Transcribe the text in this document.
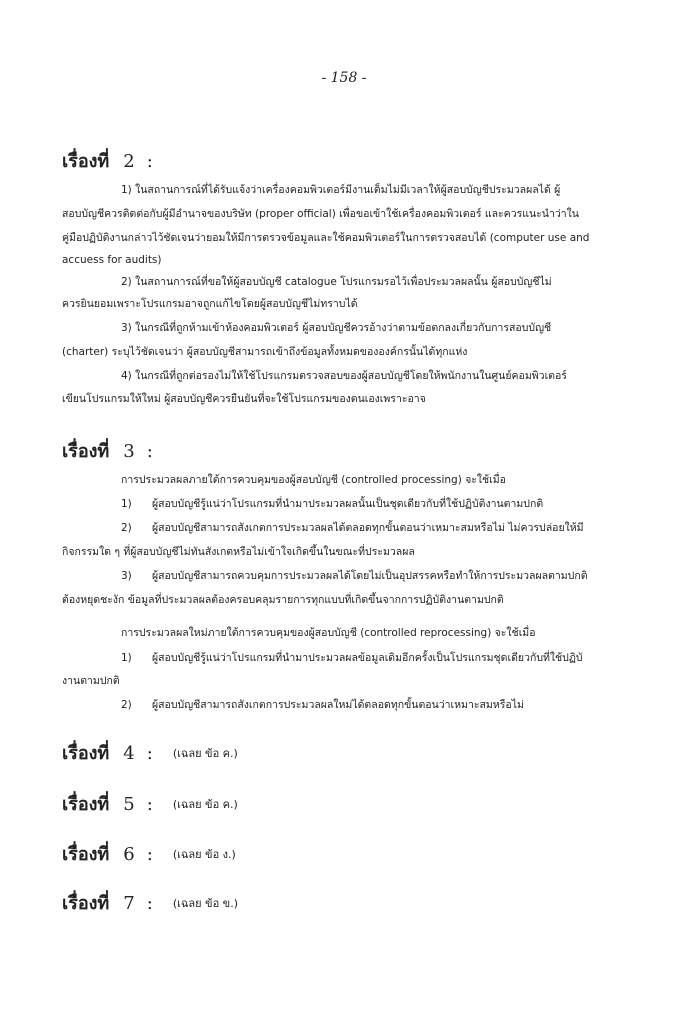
- 158 -
เรื่องที่ 2 :
1) ในสถานการณ์ที่ได้รับแจ้งว่าเครื่องคอมพิวเตอร์มีงานเต็มไม่มีเวลาให้ผู้สอบบัญชีประมวลผลได้ ผู้
สอบบัญชีควรติดต่อกับผู้มีอำนาจของบริษัท (proper official) เพื่อขอเข้าใช้เครื่องคอมพิวเตอร์ และควรแนะนำว่าใน
คู่มือปฏิบัติงานกล่าวไว้ชัดเจนว่ายอมให้มีการตรวจข้อมูลและใช้คอมพิวเตอร์ในการตรวจสอบได้ (computer use and
accuess for audits)
2) ในสถานการณ์ที่ขอให้ผู้สอบบัญชี catalogue โปรแกรมรอไว้เพื่อประมวลผลนั้น ผู้สอบบัญชีไม่
ควรยินยอมเพราะโปรแกรมอาจถูกแก้ไขโดยผู้สอบบัญชีไม่ทราบได้
3) ในกรณีที่ถูกห้ามเข้าห้องคอมพิวเตอร์ ผู้สอบบัญชีควรอ้างว่าตามข้อตกลงเกี่ยวกับการสอบบัญชี
(charter) ระบุไว้ชัดเจนว่า ผู้สอบบัญชีสามารถเข้าถึงข้อมูลทั้งหมดขององค์กรนั้นได้ทุกแห่ง
4) ในกรณีที่ถูกต่อรองไม่ให้ใช้โปรแกรมตรวจสอบของผู้สอบบัญชีโดยให้พนักงานในศูนย์คอมพิวเตอร์
เขียนโปรแกรมให้ใหม่ ผู้สอบบัญชีควรยืนยันที่จะใช้โปรแกรมของตนเองเพราะอาจ
เรื่องที่ 3 :
การประมวลผลภายใต้การควบคุมของผู้สอบบัญชี (controlled processing) จะใช้เมื่อ
1) ผู้สอบบัญชีรู้แน่ว่าโปรแกรมที่นำมาประมวลผลนั้นเป็นชุดเดียวกับที่ใช้ปฏิบัติงานตามปกติ
2) ผู้สอบบัญชีสามารถสังเกตการประมวลผลได้ตลอดทุกขั้นตอนว่าเหมาะสมหรือไม่ ไม่ควรปล่อยให้มี
กิจกรรมใด ๆ ที่ผู้สอบบัญชีไม่ทันสังเกตหรือไม่เข้าใจเกิดขึ้นในขณะที่ประมวลผล
3) ผู้สอบบัญชีสามารถควบคุมการประมวลผลได้โดยไม่เป็นอุปสรรคหรือทำให้การประมวลผลตามปกติ
ต้องหยุดชะงัก ข้อมูลที่ประมวลผลต้องครอบคลุมรายการทุกแบบที่เกิดขึ้นจากการปฏิบัติงานตามปกติ
การประมวลผลใหม่ภายใต้การควบคุมของผู้สอบบัญชี (controlled reprocessing) จะใช้เมื่อ
1) ผู้สอบบัญชีรู้แน่ว่าโปรแกรมที่นำมาประมวลผลข้อมูลเดิมอีกครั้งเป็นโปรแกรมชุดเดียวกับที่ใช้ปฏิบั
งานตามปกติ
2) ผู้สอบบัญชีสามารถสังเกตการประมวลผลใหม่ได้ตลอดทุกขั้นตอนว่าเหมาะสมหรือไม่
เรื่องที่ 4 : (เฉลย ข้อ ค.)
เรื่องที่ 5 : (เฉลย ข้อ ค.)
เรื่องที่ 6 : (เฉลย ข้อ ง.)
เรื่องที่ 7 : (เฉลย ข้อ ข.)
